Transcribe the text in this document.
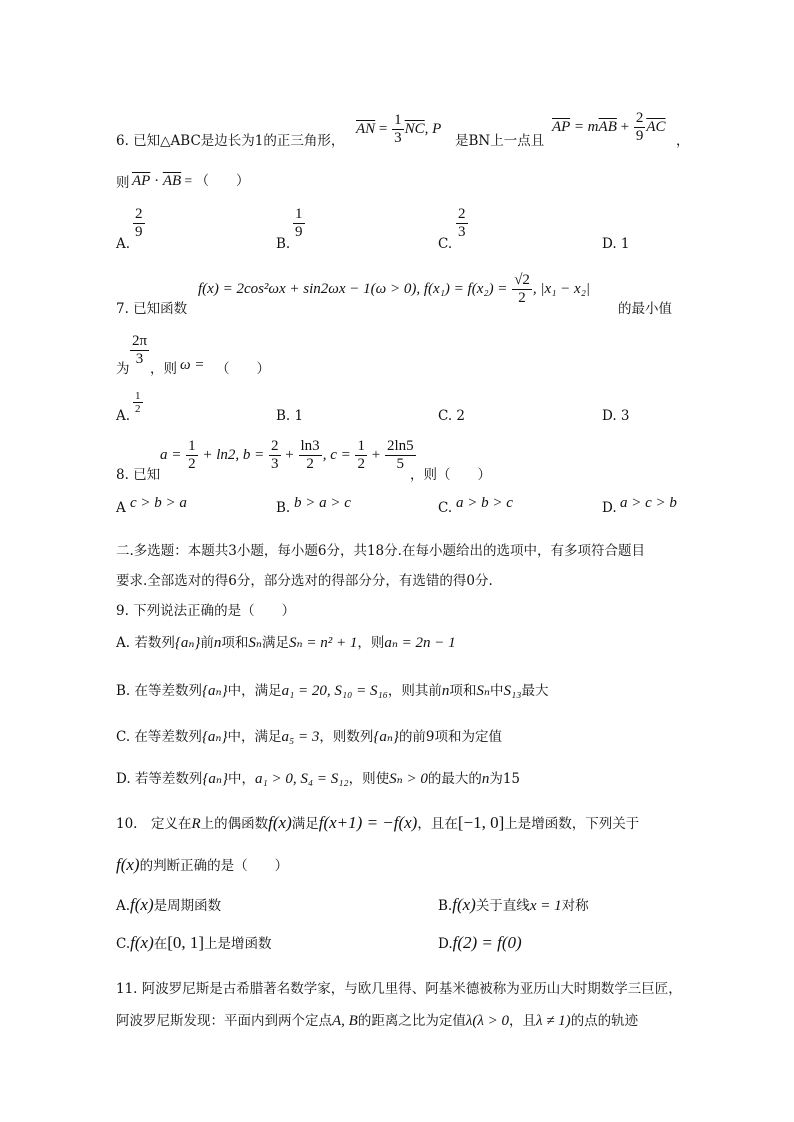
6. 已知△ABC是边长为1的正三角形，
$\overline{AN} = \frac{1}{3} \overline{NC}$, P
是BN上一点且
$\overline{AP} = m\overline{AB} + \frac{2}{9} \overline{AC}$
，
则 $\overline{AP} \cdot \overline{AB}$ = （　　）
A.
$\frac{2}{9}$
B.
$\frac{1}{9}$
C.
$\frac{2}{3}$
D. 1
7. 已知函数
f(x) = 2cos²ωx + sin2ωx − 1(ω > 0), $f(x_1) = f(x_2) = \frac{√2}{2}$ , |x₁ − x₂|
的最小值
为
$\frac{2\pi}{3}$
，则 ω = （　　）
A.
$\frac{1}{2}$
B. 1	C. 2	D. 3
8. 已知
$a = \frac{1}{2} + \ln 2$, $b = \frac{2}{3} + \frac{\ln 3}{2}$ , $c = \frac{1}{2} + \frac{2\ln 5}{5}$
，则（　　）
A c > b > a	B. b > a > c	C. a > b > c	D. a > c > b
二.多选题：本题共3小题，每小题6分，共18分.在每小题给出的选项中，有多项符合题目
要求.全部选对的得6分，部分选对的得部分分，有选错的得0分.
9. 下列说法正确的是（　　）
A. 若数列{aₙ}前n项和Sₙ满足Sₙ = n² + 1，则aₙ = 2n − 1
B. 在等差数列{aₙ}中，满足a₁ = 20, S₁₀ = S₁₆，则其前n项和Sₙ中S₁₃最大
C. 在等差数列{aₙ}中，满足a₅ = 3，则数列{aₙ}的前9项和为定值
D. 若等差数列{aₙ}中，a₁ > 0, S₄ = S₁₂，则使Sₙ > 0的最大的n为15
10.　定义在R上的偶函数f(x)满足f(x+1) = −f(x)，且在[−1, 0]上是增函数，下列关于
f(x)的判断正确的是（　　）
A.f(x)是周期函数	B.f(x)关于直线x = 1对称
C.f(x)在[0, 1]上是增函数	D.f(2) = f(0)
11. 阿波罗尼斯是古希腊著名数学家，与欧几里得、阿基米德被称为亚历山大时期数学三巨匠，
阿波罗尼斯发现：平面内到两个定点A, B的距离之比为定值λ(λ > 0，且λ ≠ 1)的点的轨迹
